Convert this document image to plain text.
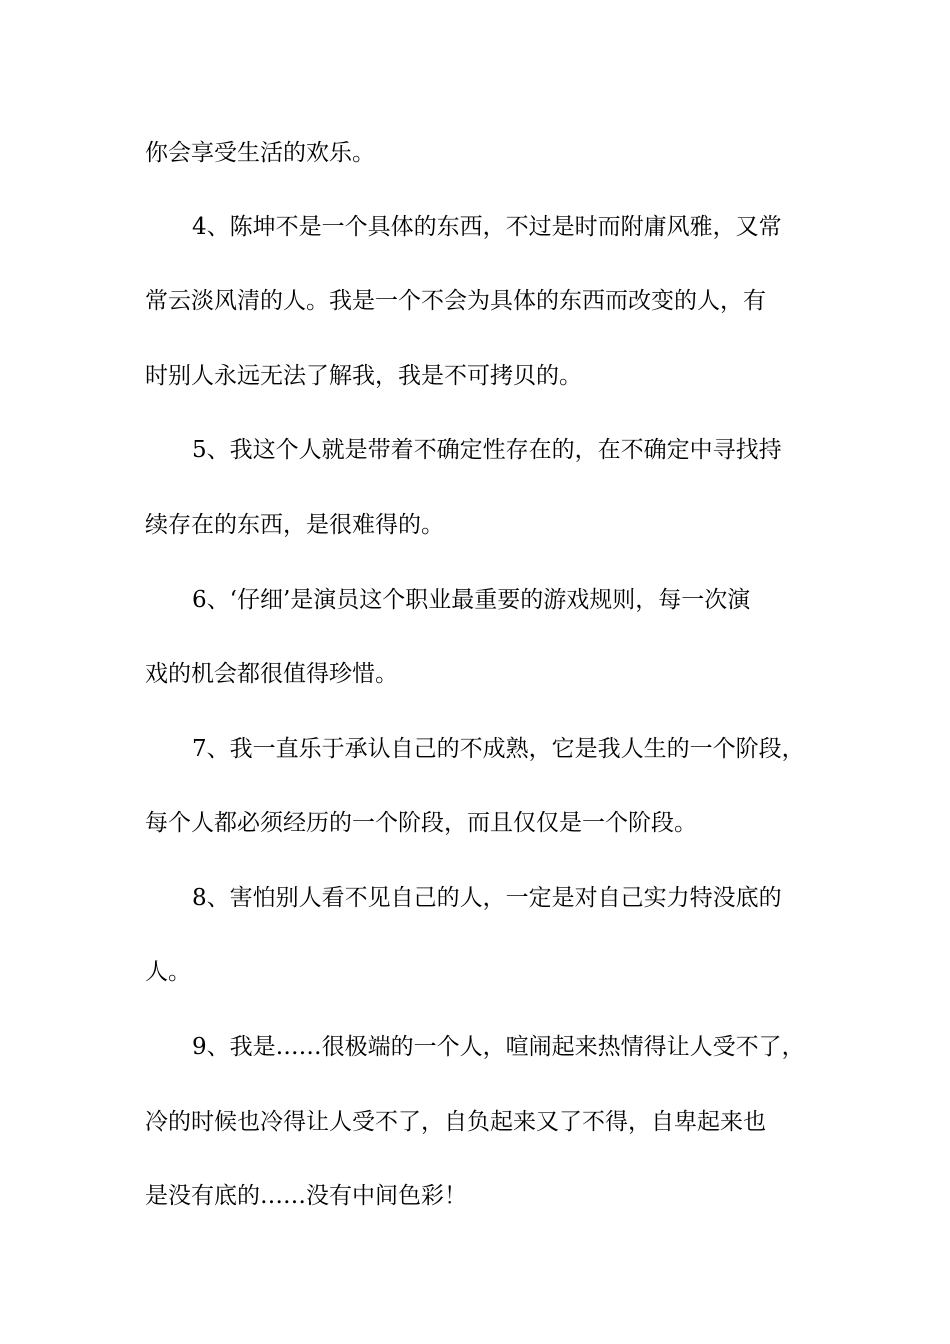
你会享受生活的欢乐。
4、陈坤不是一个具体的东西，不过是时而附庸风雅，又常
常云淡风清的人。我是一个不会为具体的东西而改变的人，有
时别人永远无法了解我，我是不可拷贝的。
5、我这个人就是带着不确定性存在的，在不确定中寻找持
续存在的东西，是很难得的。
6、‘仔细’是演员这个职业最重要的游戏规则，每一次演
戏的机会都很值得珍惜。
7、我一直乐于承认自己的不成熟，它是我人生的一个阶段，
每个人都必须经历的一个阶段，而且仅仅是一个阶段。
8、害怕别人看不见自己的人，一定是对自己实力特没底的
人。
9、我是……很极端的一个人，喧闹起来热情得让人受不了，
冷的时候也冷得让人受不了，自负起来又了不得，自卑起来也
是没有底的……没有中间色彩！
